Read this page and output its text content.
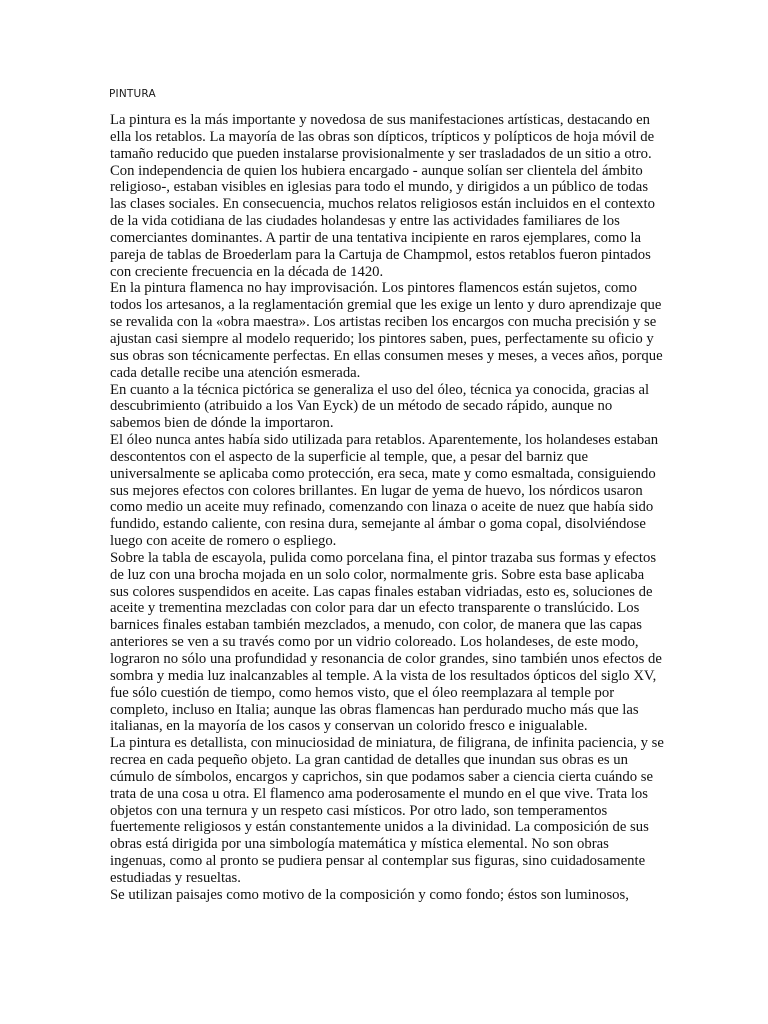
PINTURA

La pintura es la más importante y novedosa de sus manifestaciones artísticas, destacando en ella los retablos. La mayoría de las obras son dípticos, trípticos y polípticos de hoja móvil de tamaño reducido que pueden instalarse provisionalmente y ser trasladados de un sitio a otro. Con independencia de quien los hubiera encargado - aunque solían ser clientela del ámbito religioso-, estaban visibles en iglesias para todo el mundo, y dirigidos a un público de todas las clases sociales. En consecuencia, muchos relatos religiosos están incluidos en el contexto de la vida cotidiana de las ciudades holandesas y entre las actividades familiares de los comerciantes dominantes. A partir de una tentativa incipiente en raros ejemplares, como la pareja de tablas de Broederlam para la Cartuja de Champmol, estos retablos fueron pintados con creciente frecuencia en la década de 1420.

En la pintura flamenca no hay improvisación. Los pintores flamencos están sujetos, como todos los artesanos, a la reglamentación gremial que les exige un lento y duro aprendizaje que se revalida con la «obra maestra». Los artistas reciben los encargos con mucha precisión y se ajustan casi siempre al modelo requerido; los pintores saben, pues, perfectamente su oficio y sus obras son técnicamente perfectas. En ellas consumen meses y meses, a veces años, porque cada detalle recibe una atención esmerada.

En cuanto a la técnica pictórica se generaliza el uso del óleo, técnica ya conocida, gracias al descubrimiento (atribuido a los Van Eyck) de un método de secado rápido, aunque no sabemos bien de dónde la importaron.

El óleo nunca antes había sido utilizada para retablos. Aparentemente, los holandeses estaban descontentos con el aspecto de la superficie al temple, que, a pesar del barniz que universalmente se aplicaba como protección, era seca, mate y como esmaltada, consiguiendo sus mejores efectos con colores brillantes. En lugar de yema de huevo, los nórdicos usaron como medio un aceite muy refinado, comenzando con linaza o aceite de nuez que había sido fundido, estando caliente, con resina dura, semejante al ámbar o goma copal, disolviéndose luego con aceite de romero o espliego.

Sobre la tabla de escayola, pulida como porcelana fina, el pintor trazaba sus formas y efectos de luz con una brocha mojada en un solo color, normalmente gris. Sobre esta base aplicaba sus colores suspendidos en aceite. Las capas finales estaban vidriadas, esto es, soluciones de aceite y trementina mezcladas con color para dar un efecto transparente o translúcido. Los barnices finales estaban también mezclados, a menudo, con color, de manera que las capas anteriores se ven a su través como por un vidrio coloreado. Los holandeses, de este modo, lograron no sólo una profundidad y resonancia de color grandes, sino también unos efectos de sombra y media luz inalcanzables al temple. A la vista de los resultados ópticos del siglo XV, fue sólo cuestión de tiempo, como hemos visto, que el óleo reemplazara al temple por completo, incluso en Italia; aunque las obras flamencas han perdurado mucho más que las italianas, en la mayoría de los casos y conservan un colorido fresco e inigualable.

La pintura es detallista, con minuciosidad de miniatura, de filigrana, de infinita paciencia, y se recrea en cada pequeño objeto. La gran cantidad de detalles que inundan sus obras es un cúmulo de símbolos, encargos y caprichos, sin que podamos saber a ciencia cierta cuándo se trata de una cosa u otra. El flamenco ama poderosamente el mundo en el que vive. Trata los objetos con una ternura y un respeto casi místicos. Por otro lado, son temperamentos fuertemente religiosos y están constantemente unidos a la divinidad. La composición de sus obras está dirigida por una simbología matemática y mística elemental. No son obras ingenuas, como al pronto se pudiera pensar al contemplar sus figuras, sino cuidadosamente estudiadas y resueltas.

Se utilizan paisajes como motivo de la composición y como fondo; éstos son luminosos,
